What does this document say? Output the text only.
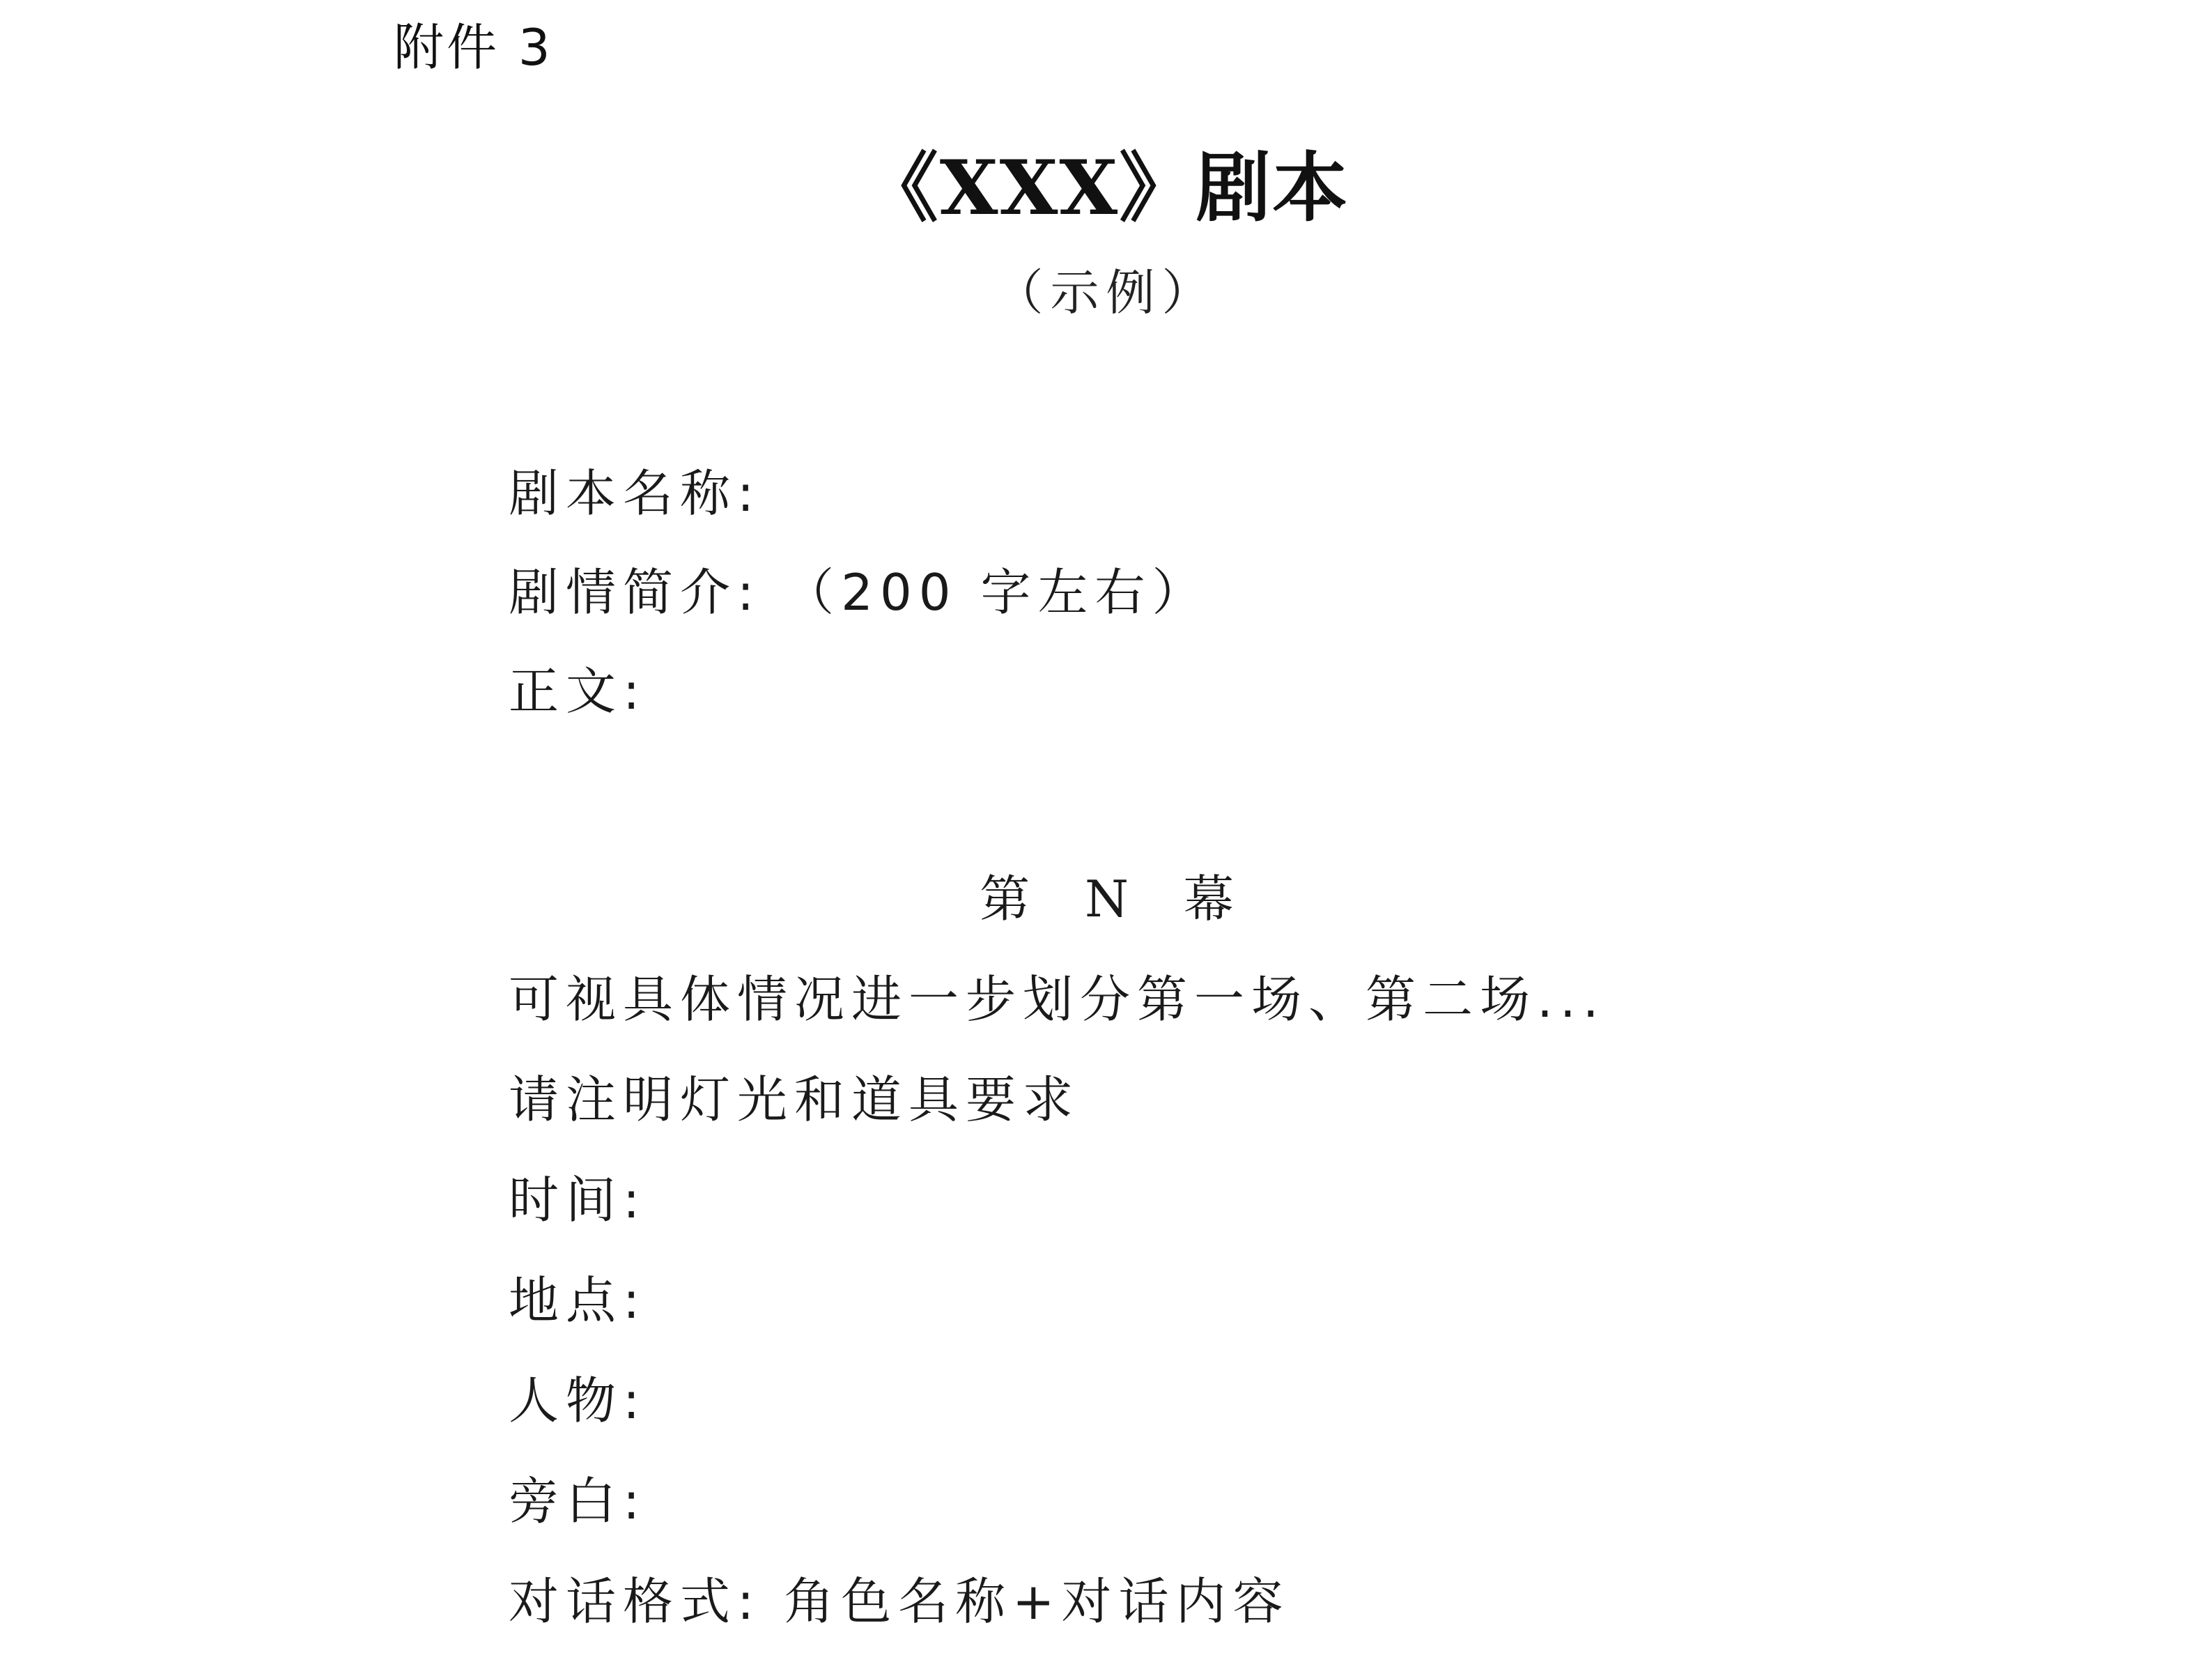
附件 3
《XXX》剧本
（示例）
剧本名称:
剧情简介: （200 字左右）
正文:
第 N 幕
可视具体情况进一步划分第一场、第二场...
请注明灯光和道具要求
时间:
地点:
人物:
旁白:
对话格式: 角色名称+对话内容
